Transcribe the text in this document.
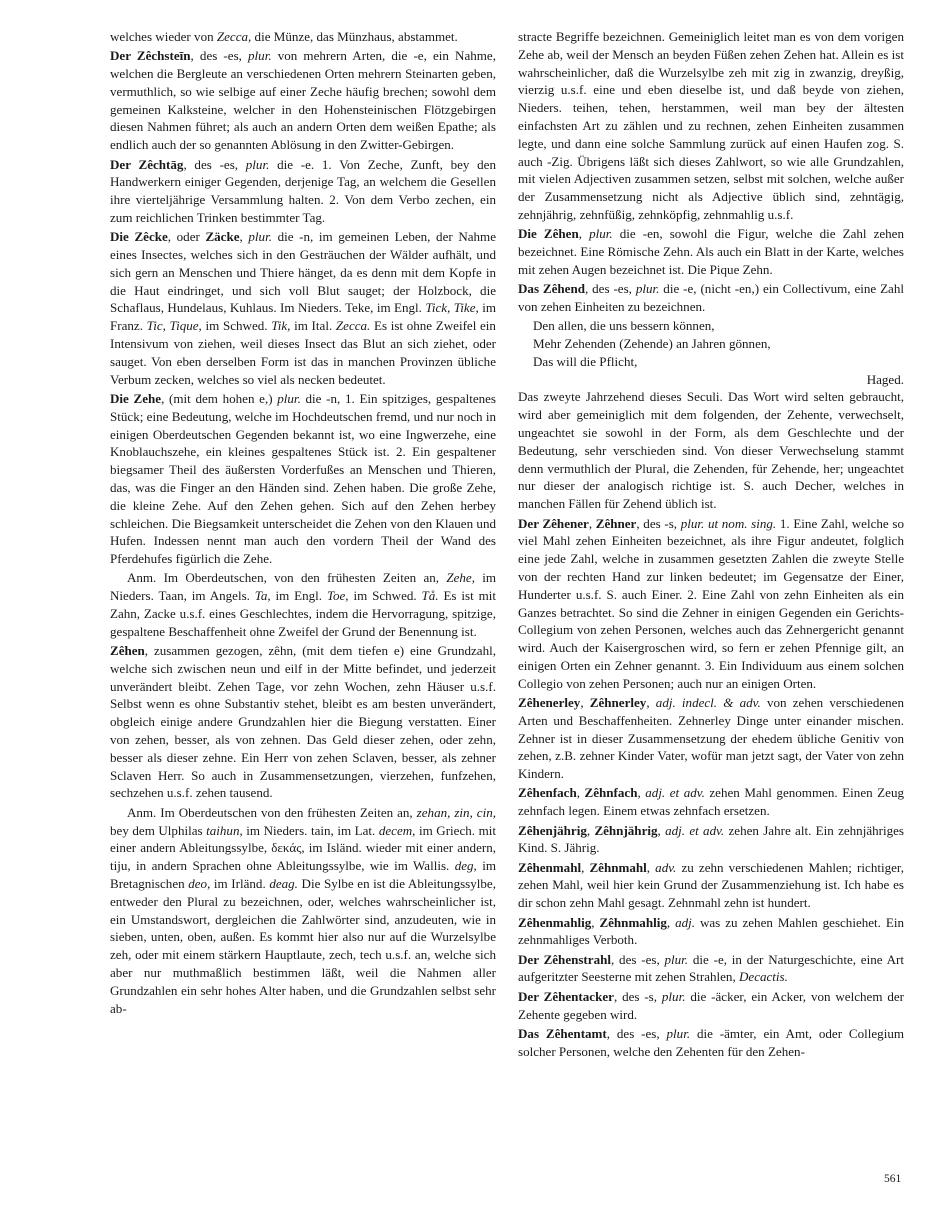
welches wieder von Zecca, die Münze, das Münzhaus, abstammet.

Der Zêchsteīn, des -es, plur. von mehrern Arten, die -e, ein Nahme, welchen die Bergleute an verschiedenen Orten mehrern Steinarten geben, vermuthlich, so wie selbige auf einer Zeche häufig brechen; sowohl dem gemeinen Kalksteine, welcher in den Hohensteinischen Flötzgebirgen diesen Nahmen führet; als auch an andern Orten dem weißen Epathe; als endlich auch der so genannten Ablösung in den Zwitter-Gebirgen.

Der Zêchtāg, des -es, plur. die -e. 1. Von Zeche, Zunft, bey den Handwerkern einiger Gegenden, derjenige Tag, an welchem die Gesellen ihre vierteljährige Versammlung halten. 2. Von dem Verbo zechen, ein zum reichlichen Trinken bestimmter Tag.

Die Zêcke, oder Zäcke, plur. die -n, im gemeinen Leben, der Nahme eines Insectes, welches sich in den Gesträuchen der Wälder aufhält, und sich gern an Menschen und Thiere hänget, da es denn mit dem Kopfe in die Haut eindringet, und sich voll Blut sauget; der Holzbock, die Schaflaus, Hundelaus, Kuhlaus. Im Nieders. Teke, im Engl. Tick, Tike, im Franz. Tic, Tique, im Schwed. Tik, im Ital. Zecca. Es ist ohne Zweifel ein Intensivum von ziehen, weil dieses Insect das Blut an sich ziehet, oder sauget. Von eben derselben Form ist das in manchen Provinzen übliche Verbum zecken, welches so viel als necken bedeutet.

Die Zehe, (mit dem hohen e,) plur. die -n, 1. Ein spitziges, gespaltenes Stück; eine Bedeutung, welche im Hochdeutschen fremd, und nur noch in einigen Oberdeutschen Gegenden bekannt ist, wo eine Ingwerzehe, eine Knoblauchszehe, ein kleines gespaltenes Stück ist. 2. Ein gespaltener biegsamer Theil des äußersten Vorderfußes an Menschen und Thieren, das, was die Finger an den Händen sind. Zehen haben. Die große Zehe, die kleine Zehe. Auf den Zehen gehen. Sich auf den Zehen herbey schleichen. Die Biegsamkeit unterscheidet die Zehen von den Klauen und Hufen. Indessen nennt man auch den vordern Theil der Wand des Pferdehufes figürlich die Zehe.

Anm. Im Oberdeutschen, von den frühesten Zeiten an, Zehe, im Nieders. Taan, im Angels. Ta, im Engl. Toe, im Schwed. Tå. Es ist mit Zahn, Zacke u.s.f. eines Geschlechtes, indem die Hervorragung, spitzige, gespaltene Beschaffenheit ohne Zweifel der Grund der Benennung ist.

Zêhen, zusammen gezogen, zêhn, (mit dem tiefen e) eine Grundzahl, welche sich zwischen neun und eilf in der Mitte befindet, und jederzeit unverändert bleibt. Zehen Tage, vor zehn Wochen, zehn Häuser u.s.f. Selbst wenn es ohne Substantiv stehet, bleibt es am besten unverändert, obgleich einige andere Grundzahlen hier die Biegung verstatten. Einer von zehen, besser, als von zehnen. Das Geld dieser zehen, oder zehn, besser als dieser zehne. Ein Herr von zehen Sclaven, besser, als zehner Sclaven Herr. So auch in Zusammensetzungen, vierzehen, funfzehen, sechzehen u.s.f. zehen tausend.

Anm. Im Oberdeutschen von den frühesten Zeiten an, zehan, zin, cin, bey dem Ulphilas taihun, im Nieders. tain, im Lat. decem, im Griech. mit einer andern Ableitungssylbe, δεκάς, im Isländ. wieder mit einer andern, tiju, in andern Sprachen ohne Ableitungssylbe, wie im Wallis. deg, im Bretagnischen deo, im Irländ. deag. Die Sylbe en ist die Ableitungssylbe, entweder den Plural zu bezeichnen, oder, welches wahrscheinlicher ist, ein Umstandswort, dergleichen die Zahlwörter sind, anzudeuten, wie in sieben, unten, oben, außen. Es kommt hier also nur auf die Wurzelsylbe zeh, oder mit einem stärkern Hauptlaute, zech, tech u.s.f. an, welche sich aber nur muthmaßlich bestimmen läßt, weil die Nahmen aller Grundzahlen ein sehr hohes Alter haben, und die Grundzahlen selbst sehr ab-

stracte Begriffe bezeichnen. Gemeiniglich leitet man es von dem vorigen Zehe ab, weil der Mensch an beyden Füßen zehen Zehen hat. Allein es ist wahrscheinlicher, daß die Wurzelsylbe zeh mit zig in zwanzig, dreyßig, vierzig u.s.f. eine und eben dieselbe ist, und daß beyde von ziehen, Nieders. teihen, tehen, herstammen, weil man bey der ältesten einfachsten Art zu zählen und zu rechnen, zehen Einheiten zusammen legte, und dann eine solche Sammlung zurück auf einen Haufen zog. S. auch -Zig. Übrigens läßt sich dieses Zahlwort, so wie alle Grundzahlen, mit vielen Adjectiven zusammen setzen, selbst mit solchen, welche außer der Zusammensetzung nicht als Adjective üblich sind, zehntägig, zehnjährig, zehnfüßig, zehnköpfig, zehnmahlig u.s.f.

Die Zêhen, plur. die -en, sowohl die Figur, welche die Zahl zehen bezeichnet. Eine Römische Zehn. Als auch ein Blatt in der Karte, welches mit zehen Augen bezeichnet ist. Die Pique Zehn.

Das Zêhend, des -es, plur. die -e, (nicht -en,) ein Collectivum, eine Zahl von zehen Einheiten zu bezeichnen.

Den allen, die uns bessern können,
Mehr Zehenden (Zehende) an Jahren gönnen,
Das will die Pflicht,
Haged.

Das zweyte Jahrzehend dieses Seculi. Das Wort wird selten gebraucht, wird aber gemeiniglich mit dem folgenden, der Zehente, verwechselt, ungeachtet sie sowohl in der Form, als dem Geschlechte und der Bedeutung, sehr verschieden sind. Von dieser Verwechselung stammt denn vermuthlich der Plural, die Zehenden, für Zehende, her; ungeachtet nur dieser der analogisch richtige ist. S. auch Decher, welches in manchen Fällen für Zehend üblich ist.

Der Zêhener, Zêhner, des -s, plur. ut nom. sing. 1. Eine Zahl, welche so viel Mahl zehen Einheiten bezeichnet, als ihre Figur andeutet, folglich eine jede Zahl, welche in zusammen gesetzten Zahlen die zweyte Stelle von der rechten Hand zur linken bedeutet; im Gegensatze der Einer, Hunderter u.s.f. S. auch Einer. 2. Eine Zahl von zehn Einheiten als ein Ganzes betrachtet. So sind die Zehner in einigen Gegenden ein Gerichts-Collegium von zehen Personen, welches auch das Zehnergericht genannt wird. Auch der Kaisergroschen wird, so fern er zehen Pfennige gilt, an einigen Orten ein Zehner genannt. 3. Ein Individuum aus einem solchen Collegio von zehen Personen; auch nur an einigen Orten.

Zêhenerley, Zêhnerley, adj. indecl. & adv. von zehen verschiedenen Arten und Beschaffenheiten. Zehnerley Dinge unter einander mischen. Zehner ist in dieser Zusammensetzung der ehedem übliche Genitiv von zehen, z.B. zehner Kinder Vater, wofür man jetzt sagt, der Vater von zehn Kindern.

Zêhenfach, Zêhnfach, adj. et adv. zehen Mahl genommen. Einen Zeug zehnfach legen. Einem etwas zehnfach ersetzen.

Zêhenjährig, Zêhnjährig, adj. et adv. zehen Jahre alt. Ein zehnjähriges Kind. S. Jährig.

Zêhenmahl, Zêhnmahl, adv. zu zehn verschiedenen Mahlen; richtiger, zehen Mahl, weil hier kein Grund der Zusammenziehung ist. Ich habe es dir schon zehn Mahl gesagt. Zehnmahl zehn ist hundert.

Zêhenmahlig, Zêhnmahlig, adj. was zu zehen Mahlen geschiehet. Ein zehnmahliges Verboth.

Der Zêhenstrahl, des -es, plur. die -e, in der Naturgeschichte, eine Art aufgeritzter Seesterne mit zehen Strahlen, Decactis.

Der Zêhentacker, des -s, plur. die -äcker, ein Acker, von welchem der Zehente gegeben wird.

Das Zêhentamt, des -es, plur. die -ämter, ein Amt, oder Collegium solcher Personen, welche den Zehenten für den Zehen-

561
